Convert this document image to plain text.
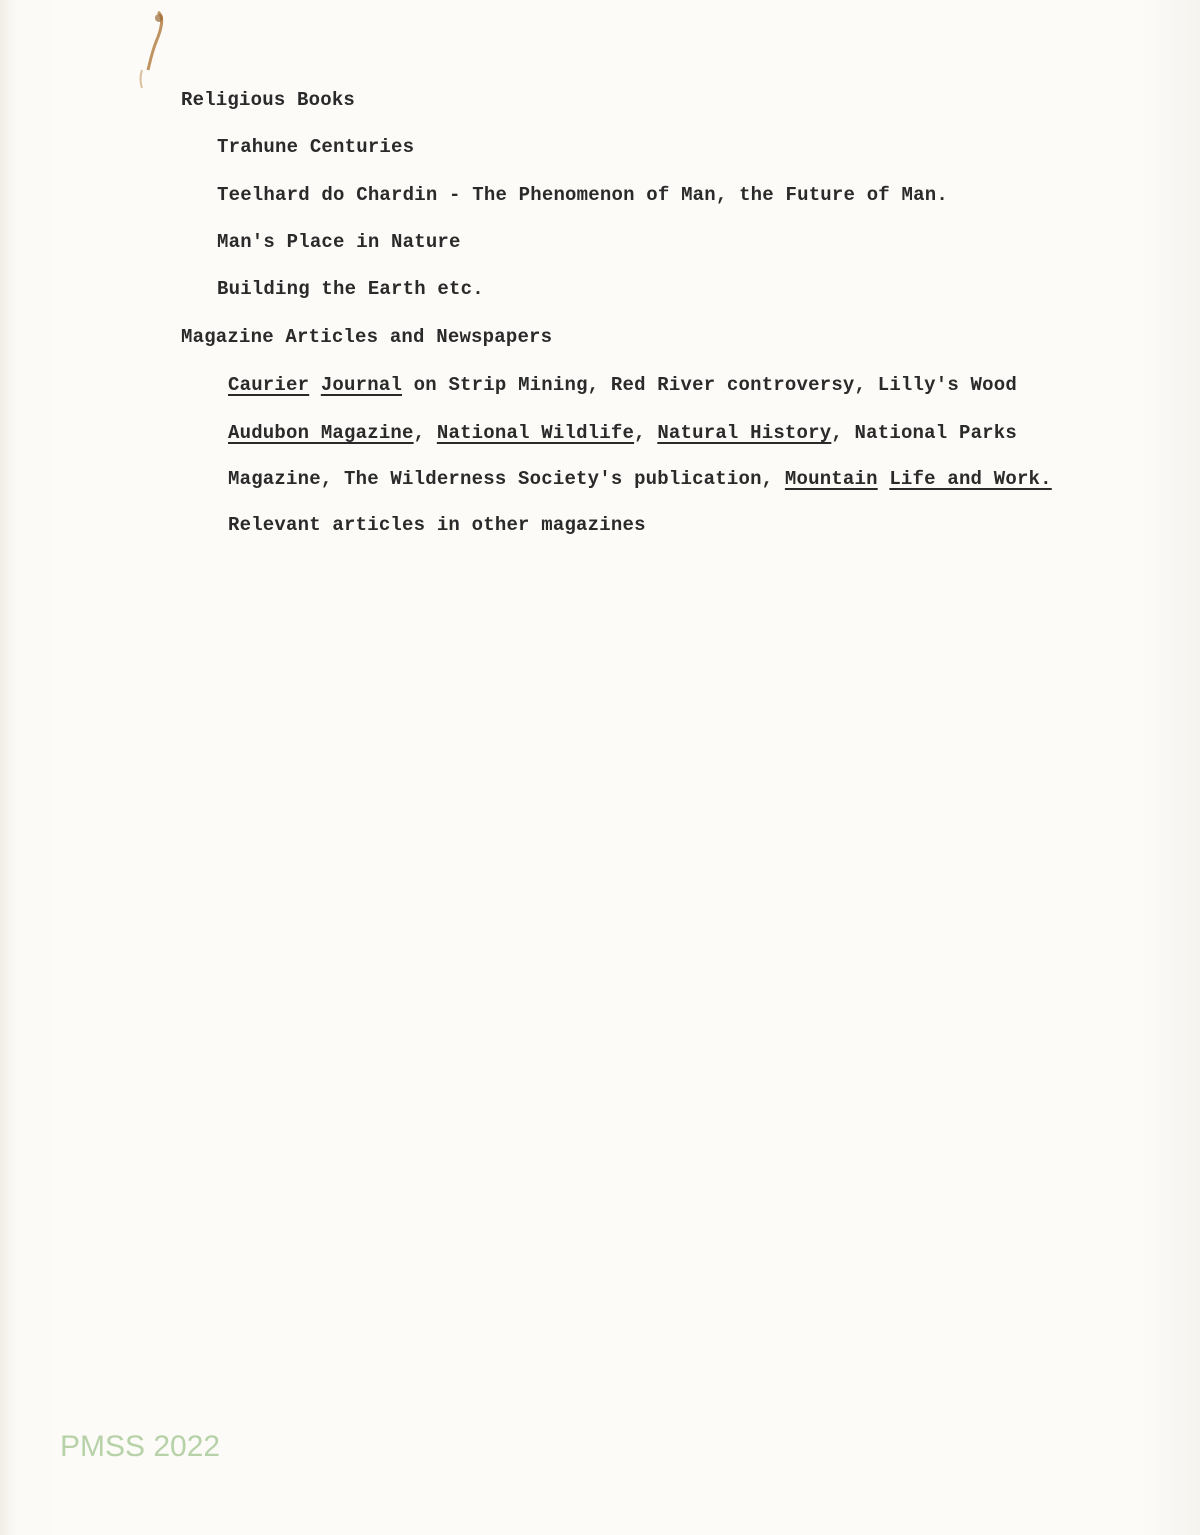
Religious Books
Trahune Centuries
Teelhard do Chardin - The Phenomenon of Man, the Future of Man.
Man's Place in Nature
Building the Earth etc.
Magazine Articles and Newspapers
Caurier Journal on Strip Mining, Red River controversy, Lilly's Wood
Audubon Magazine, National Wildlife, Natural History, National Parks
Magazine, The Wilderness Society's publication, Mountain Life and Work.
Relevant articles in other magazines
PMSS 2022
